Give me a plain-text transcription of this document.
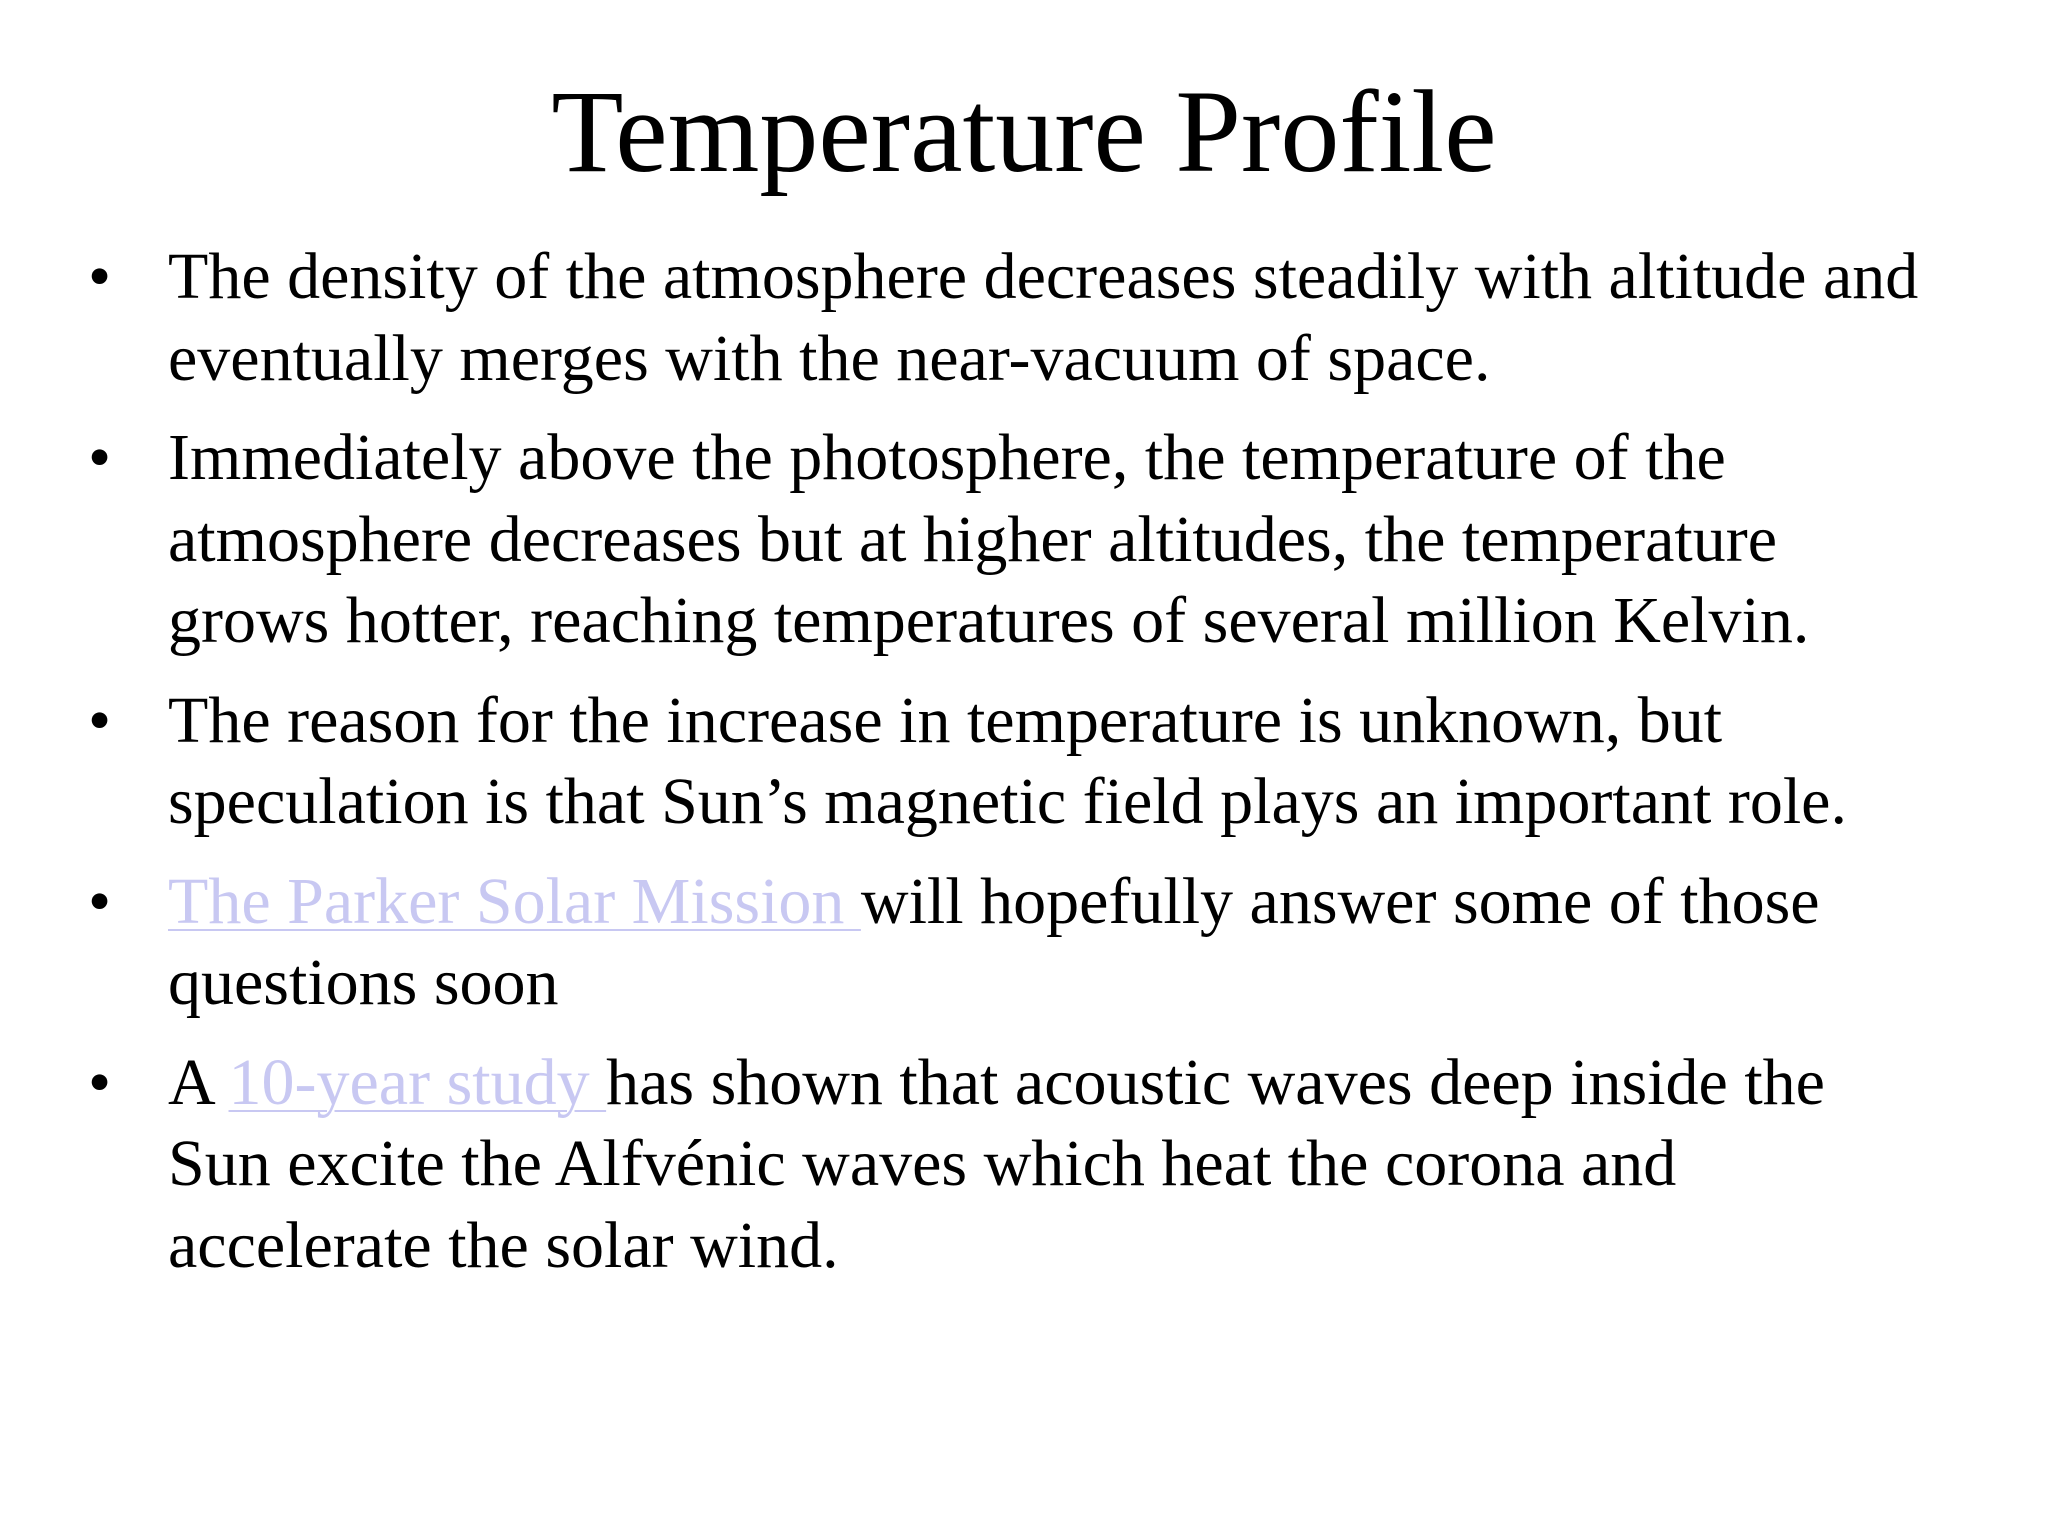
Temperature Profile
• The density of the atmosphere decreases steadily with altitude and
eventually merges with the near-vacuum of space.
• Immediately above the photosphere, the temperature of the
atmosphere decreases but at higher altitudes, the temperature
grows hotter, reaching temperatures of several million Kelvin.
• The reason for the increase in temperature is unknown, but
speculation is that Sun’s magnetic field plays an important role.
• The Parker Solar Mission will hopefully answer some of those
questions soon
• A 10-year study has shown that acoustic waves deep inside the
Sun excite the Alfvénic waves which heat the corona and
accelerate the solar wind.
